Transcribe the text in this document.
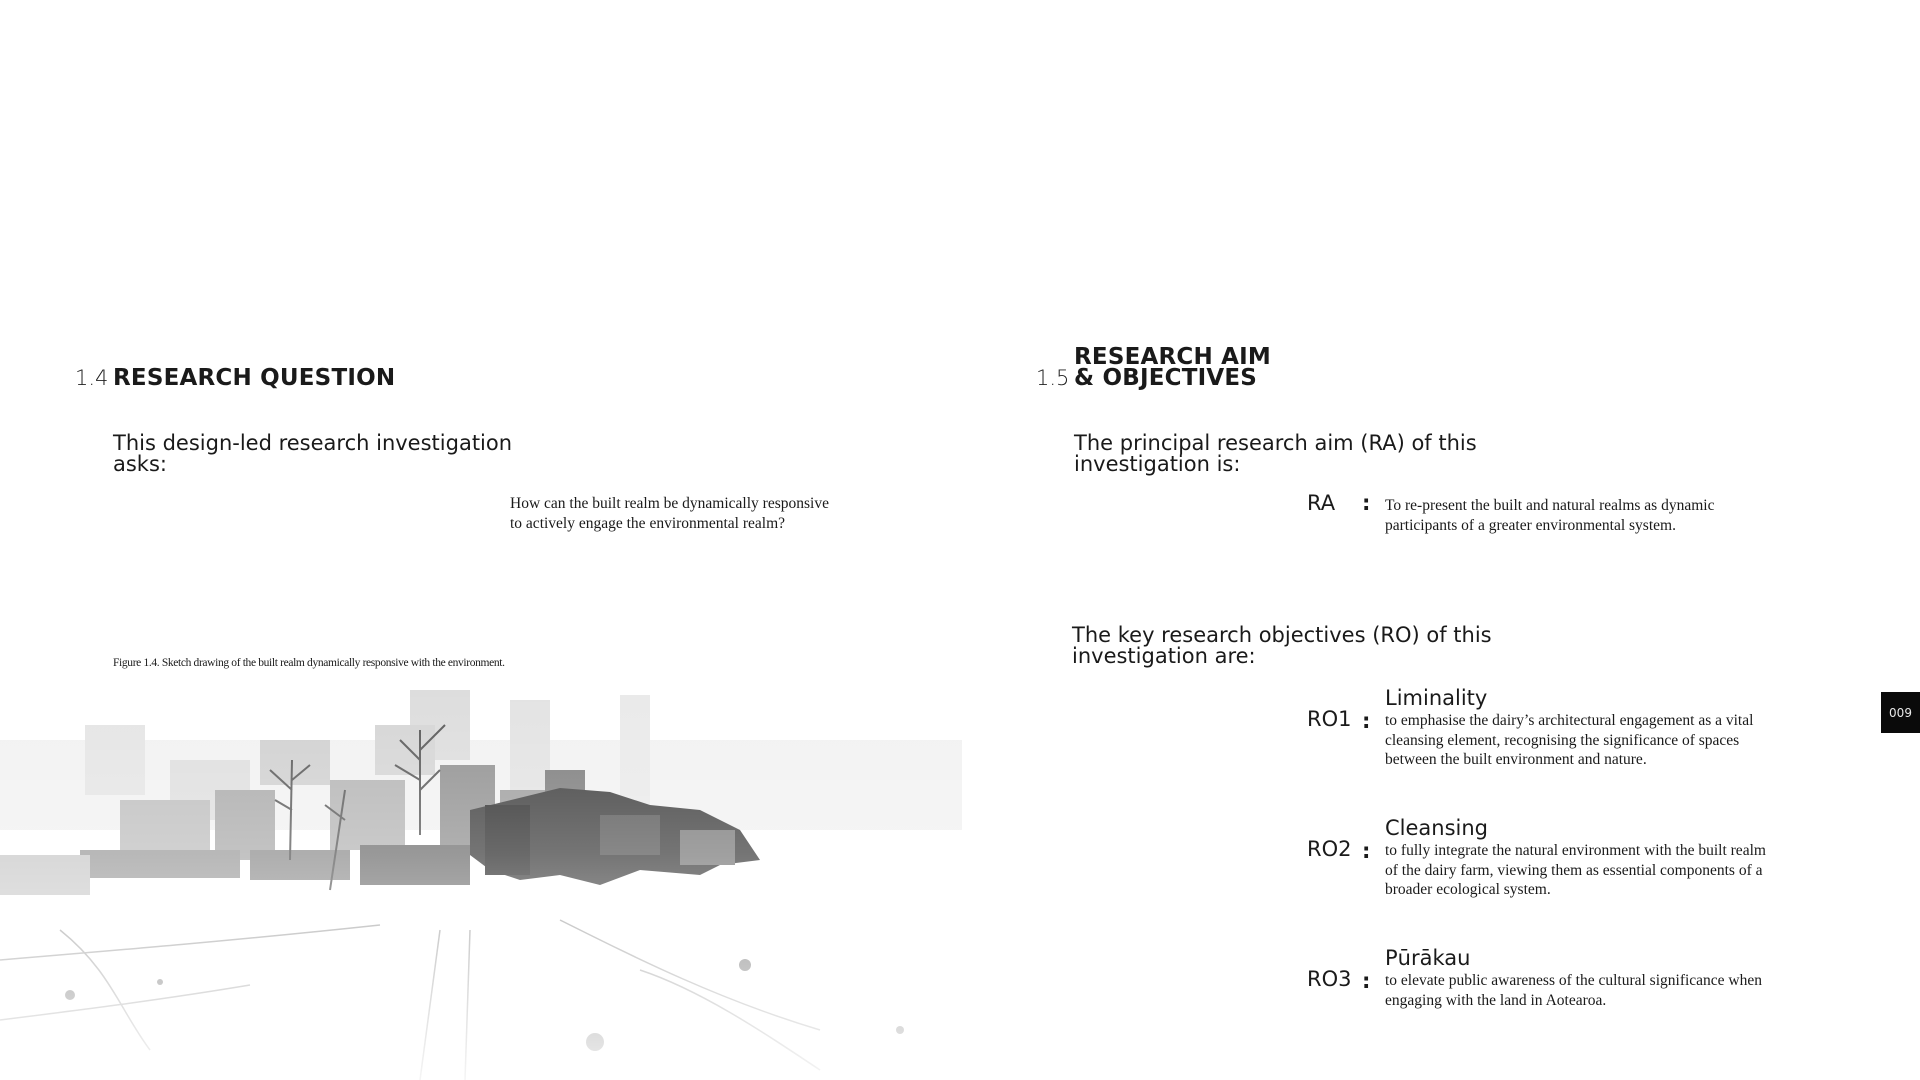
1.4 RESEARCH QUESTION
This design-led research investigation
asks:
How can the built realm be dynamically responsive
to actively engage the environmental realm?
Figure 1.4. Sketch drawing of the built realm dynamically responsive with the environment.
1.5
RESEARCH AIM
& OBJECTIVES
The principal research aim (RA) of this
investigation is:
RA : To re-present the built and natural realms as dynamic
participants of a greater environmental system.
The key research objectives (RO) of this
investigation are:
Liminality
RO1 : to emphasise the dairy’s architectural engagement as a vital
cleansing element, recognising the significance of spaces
between the built environment and nature.
Cleansing
RO2 : to fully integrate the natural environment with the built realm
of the dairy farm, viewing them as essential components of a
broader ecological system.
Pūrākau
RO3 : to elevate public awareness of the cultural significance when
engaging with the land in Aotearoa.
009
